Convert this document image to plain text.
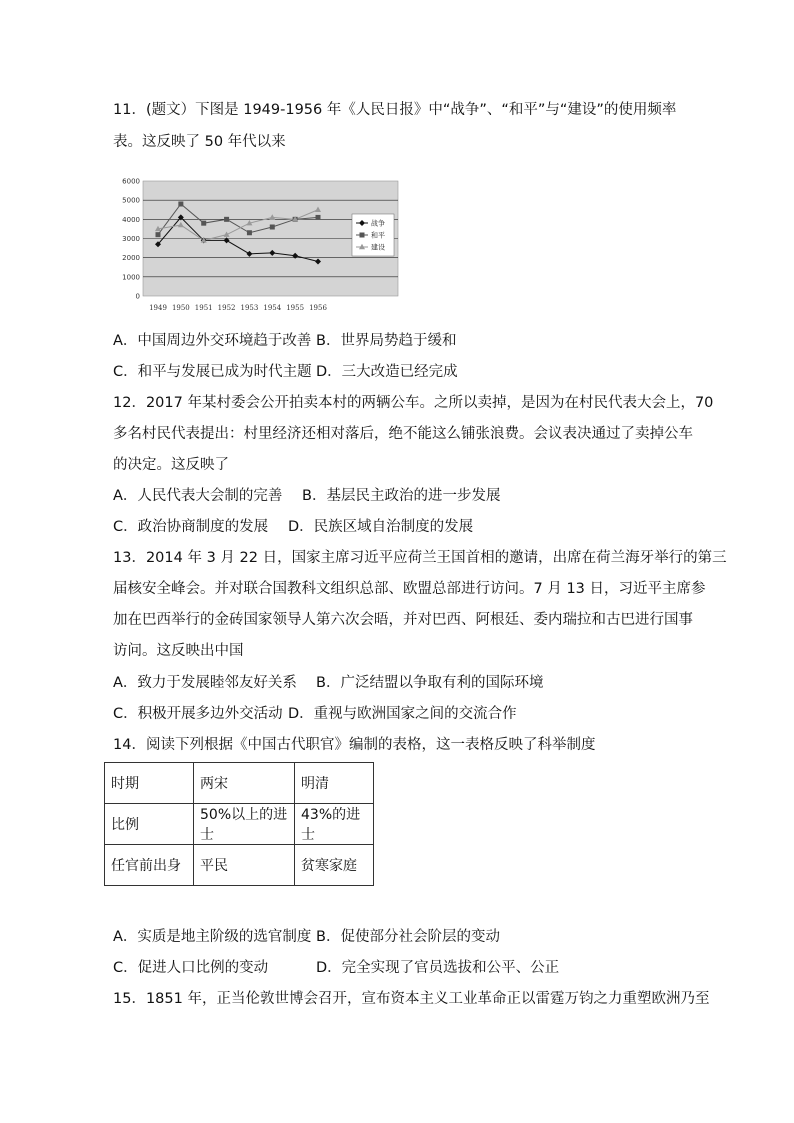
11．(题文）下图是 1949-1956 年《人民日报》中“战争”、“和平”与“建设”的使用频率
表。这反映了 50 年代以来
0
1000
2000
3000
4000
5000
6000
1949 1950 1951 1952 1953 1954 1955 1956
战争
和平
建设
A．中国周边外交环境趋于改善 B．世界局势趋于缓和
C．和平与发展已成为时代主题 D．三大改造已经完成
12．2017 年某村委会公开拍卖本村的两辆公车。之所以卖掉，是因为在村民代表大会上，70
多名村民代表提出：村里经济还相对落后，绝不能这么铺张浪费。会议表决通过了卖掉公车
的决定。这反映了
A．人民代表大会制的完善 B．基层民主政治的进一步发展
C．政治协商制度的发展 D．民族区域自治制度的发展
13．2014 年 3 月 22 日，国家主席习近平应荷兰王国首相的邀请，出席在荷兰海牙举行的第三
届核安全峰会。并对联合国教科文组织总部、欧盟总部进行访问。7 月 13 日，习近平主席参
加在巴西举行的金砖国家领导人第六次会晤，并对巴西、阿根廷、委内瑞拉和古巴进行国事
访问。这反映出中国
A．致力于发展睦邻友好关系 B．广泛结盟以争取有利的国际环境
C．积极开展多边外交活动 D．重视与欧洲国家之间的交流合作
14．阅读下列根据《中国古代职官》编制的表格，这一表格反映了科举制度
时期	两宋	明清
比例	50%以上的进士	43%的进士
任官前出身	平民	贫寒家庭
A．实质是地主阶级的选官制度 B．促使部分社会阶层的变动
C．促进人口比例的变动	D．完全实现了官员选拔和公平、公正
15．1851 年，正当伦敦世博会召开，宣布资本主义工业革命正以雷霆万钧之力重塑欧洲乃至
